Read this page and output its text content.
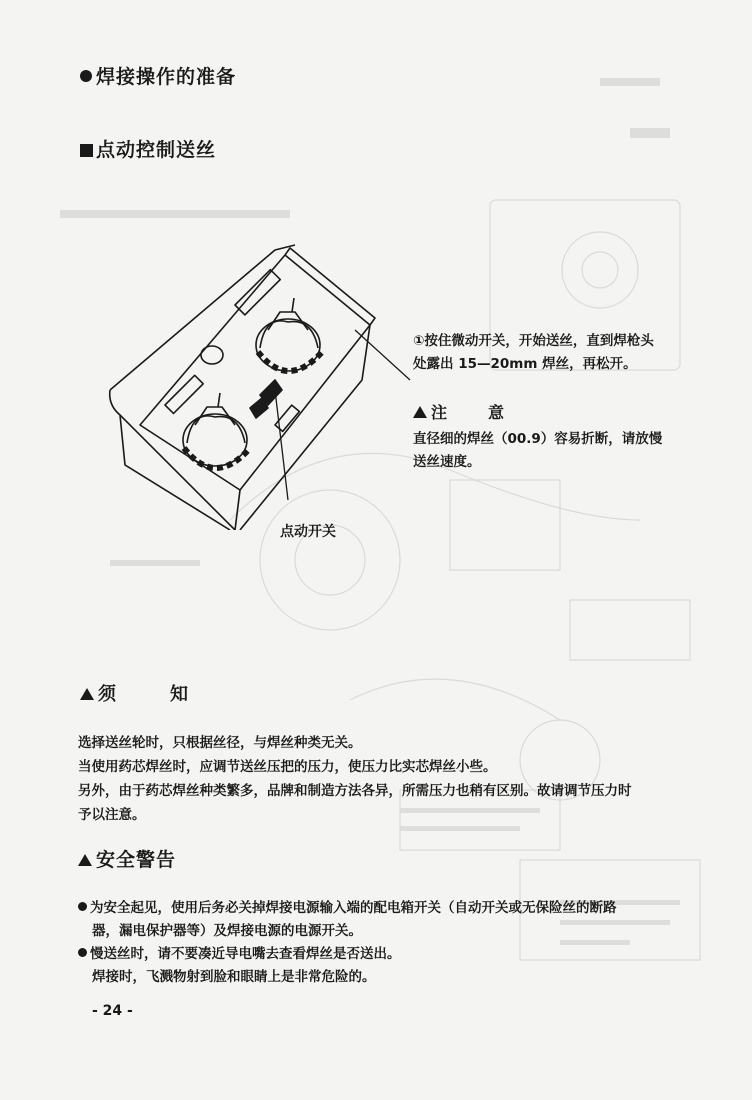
焊接操作的准备
点动控制送丝
①按住微动开关，开始送丝，直到焊枪头
处露出 15—20mm 焊丝，再松开。
注	意
直径细的焊丝（00.9）容易折断，请放慢
送丝速度。
点动开关
须	知

选择送丝轮时，只根据丝径，与焊丝种类无关。

当使用药芯焊丝时，应调节送丝压把的压力，使压力比实芯焊丝小些。

另外，由于药芯焊丝种类繁多，品牌和制造方法各异，所需压力也稍有区别。故请调节压力时

予以注意。

安全警告

为安全起见，使用后务必关掉焊接电源输入端的配电箱开关（自动开关或无保险丝的断路

器，漏电保护器等）及焊接电源的电源开关。

慢送丝时，请不要凑近导电嘴去查看焊丝是否送出。

焊接时，飞溅物射到脸和眼睛上是非常危险的。

- 24 -
